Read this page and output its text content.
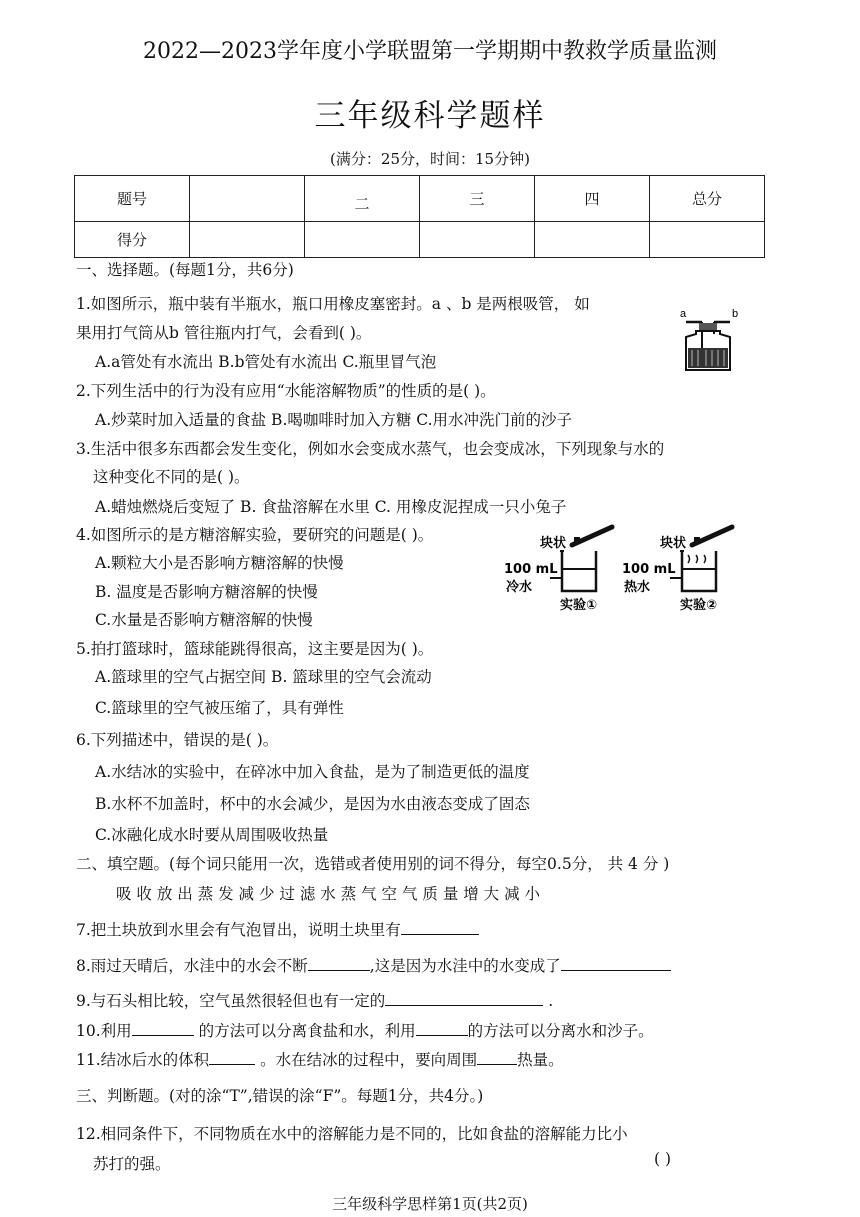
2022—2023学年度小学联盟第一学期期中教救学质量监测
三年级科学题样
(满分：25分，时间：15分钟)
题号		二	三	四	总分
得分					
一、选择题。(每题1分，共6分)
1.如图所示，瓶中装有半瓶水，瓶口用橡皮塞密封。a 、b 是两根吸管， 如
果用打气筒从b 管往瓶内打气，会看到( )。
A.a管处有水流出 B.b管处有水流出 C.瓶里冒气泡
a	b
2.下列生活中的行为没有应用“水能溶解物质”的性质的是( )。
A.炒菜时加入适量的食盐 B.喝咖啡时加入方糖 C.用水冲洗门前的沙子
3.生活中很多东西都会发生变化，例如水会变成水蒸气，也会变成冰，下列现象与水的
这种变化不同的是( )。
A.蜡烛燃烧后变短了 B. 食盐溶解在水里 C. 用橡皮泥捏成一只小兔子
4.如图所示的是方糖溶解实验，要研究的问题是( )。
A.颗粒大小是否影响方糖溶解的快慢
B. 温度是否影响方糖溶解的快慢
C.水量是否影响方糖溶解的快慢
块状
100 mL
冷水
实验①
块状
100 mL
热水
实验②
5.拍打篮球时，篮球能跳得很高，这主要是因为( )。
A.篮球里的空气占据空间 B. 篮球里的空气会流动
C.篮球里的空气被压缩了，具有弹性
6.下列描述中，错误的是( )。
A.水结冰的实验中，在碎冰中加入食盐，是为了制造更低的温度
B.水杯不加盖时，杯中的水会减少，是因为水由液态变成了固态
C.冰融化成水时要从周围吸收热量
二、填空题。(每个词只能用一次，选错或者使用别的词不得分，每空0.5分， 共 4 分 )
吸 收 放 出 蒸 发 减 少 过 滤 水 蒸 气 空 气 质 量 增 大 减 小
7.把土块放到水里会有气泡冒出，说明土块里有
8.雨过天晴后，水洼中的水会不断	,这是因为水洼中的水变成了
9.与石头相比较，空气虽然很轻但也有一定的	.
10.利用	的方法可以分离食盐和水，利用	的方法可以分离水和沙子。
11.结冰后水的体积	。水在结冰的过程中，要向周围	热量。
三、判断题。(对的涂“T”,错误的涂“F”。每题1分，共4分。)
12.相同条件下，不同物质在水中的溶解能力是不同的，比如食盐的溶解能力比小
苏打的强。	( )
三年级科学思样第1页(共2页)
